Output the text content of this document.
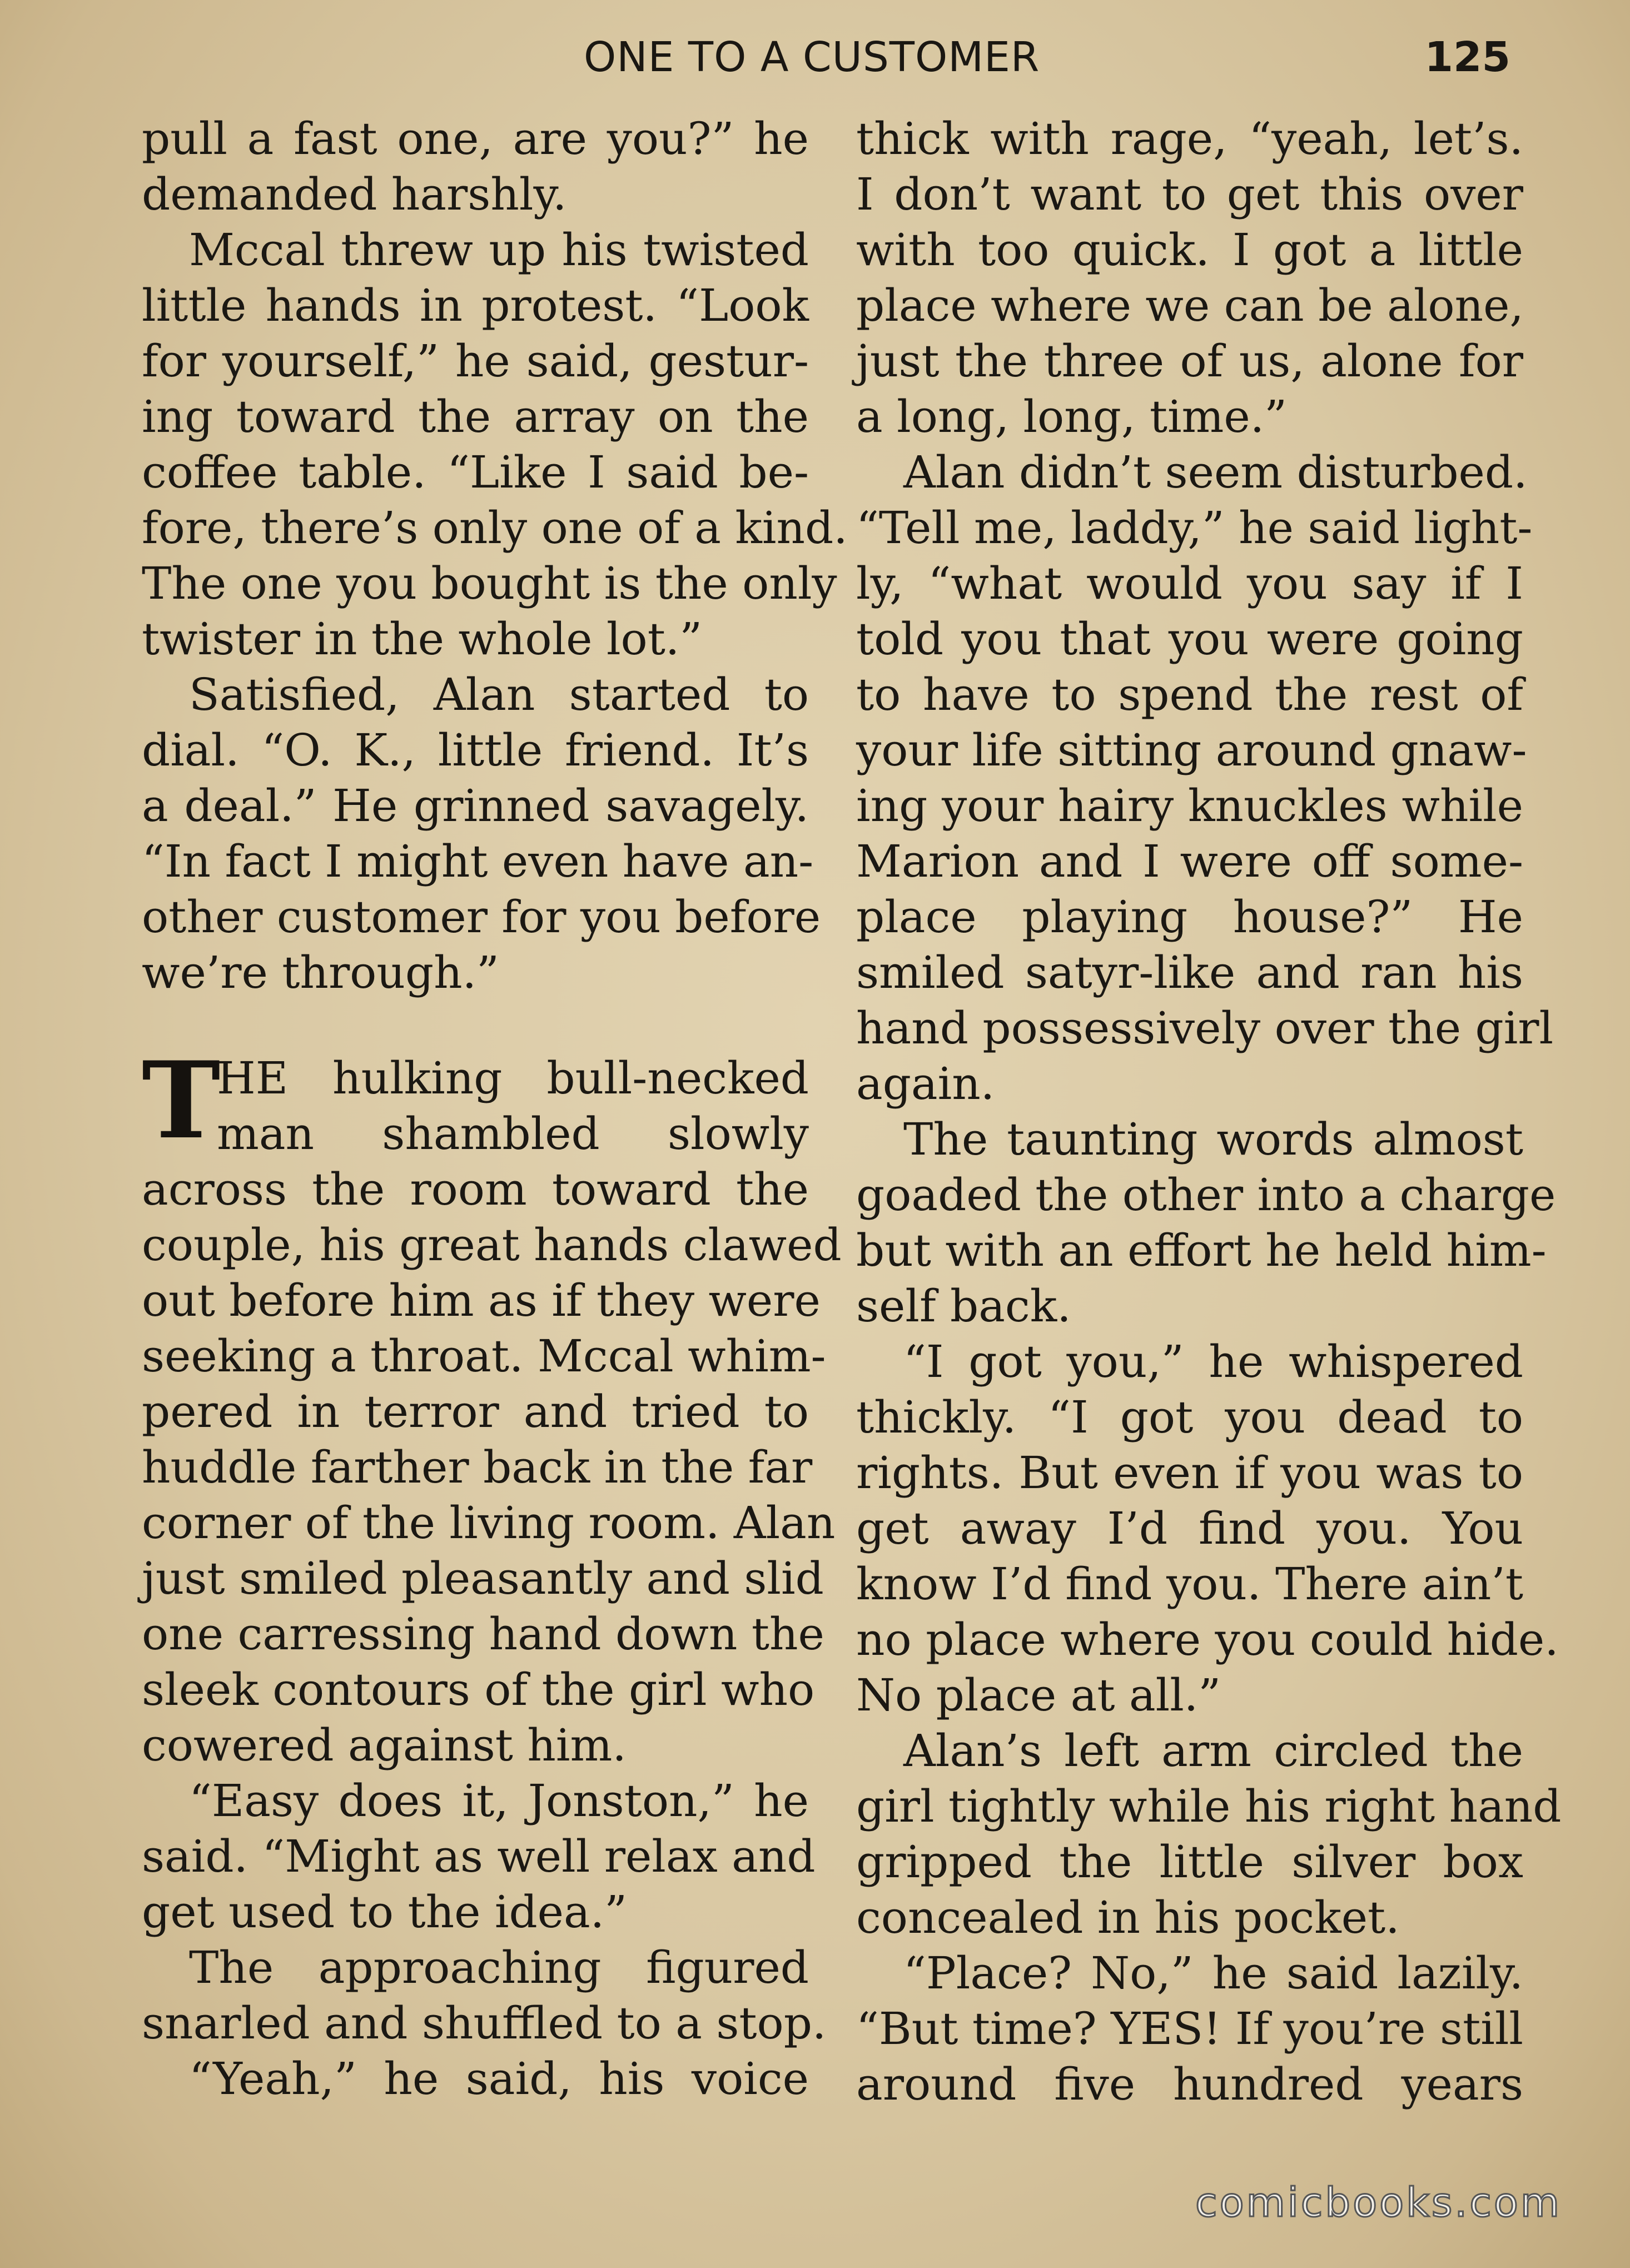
ONE TO A CUSTOMER	125
pull a fast one, are you?” he
demanded harshly.
Mccal threw up his twisted
little hands in protest. “Look
for yourself,” he said, gestur-
ing toward the array on the
coffee table. “Like I said be-
fore, there’s only one of a kind.
The one you bought is the only
twister in the whole lot.”
Satisfied, Alan started to
dial. “O. K., little friend. It’s
a deal.” He grinned savagely.
“In fact I might even have an-
other customer for you before
we’re through.”
T
HE hulking bull-necked
man shambled slowly
across the room toward the
couple, his great hands clawed
out before him as if they were
seeking a throat. Mccal whim-
pered in terror and tried to
huddle farther back in the far
corner of the living room. Alan
just smiled pleasantly and slid
one carressing hand down the
sleek contours of the girl who
cowered against him.
“Easy does it, Jonston,” he
said. “Might as well relax and
get used to the idea.”
The approaching figured
snarled and shuffled to a stop.
“Yeah,” he said, his voice
thick with rage, “yeah, let’s.
I don’t want to get this over
with too quick. I got a little
place where we can be alone,
just the three of us, alone for
a long, long, time.”
Alan didn’t seem disturbed.
“Tell me, laddy,” he said light-
ly, “what would you say if I
told you that you were going
to have to spend the rest of
your life sitting around gnaw-
ing your hairy knuckles while
Marion and I were off some-
place playing house?” He
smiled satyr-like and ran his
hand possessively over the girl
again.
The taunting words almost
goaded the other into a charge
but with an effort he held him-
self back.
“I got you,” he whispered
thickly. “I got you dead to
rights. But even if you was to
get away I’d find you. You
know I’d find you. There ain’t
no place where you could hide.
No place at all.”
Alan’s left arm circled the
girl tightly while his right hand
gripped the little silver box
concealed in his pocket.
“Place? No,” he said lazily.
“But time? YES! If you’re still
around five hundred years
comicbooks.com
